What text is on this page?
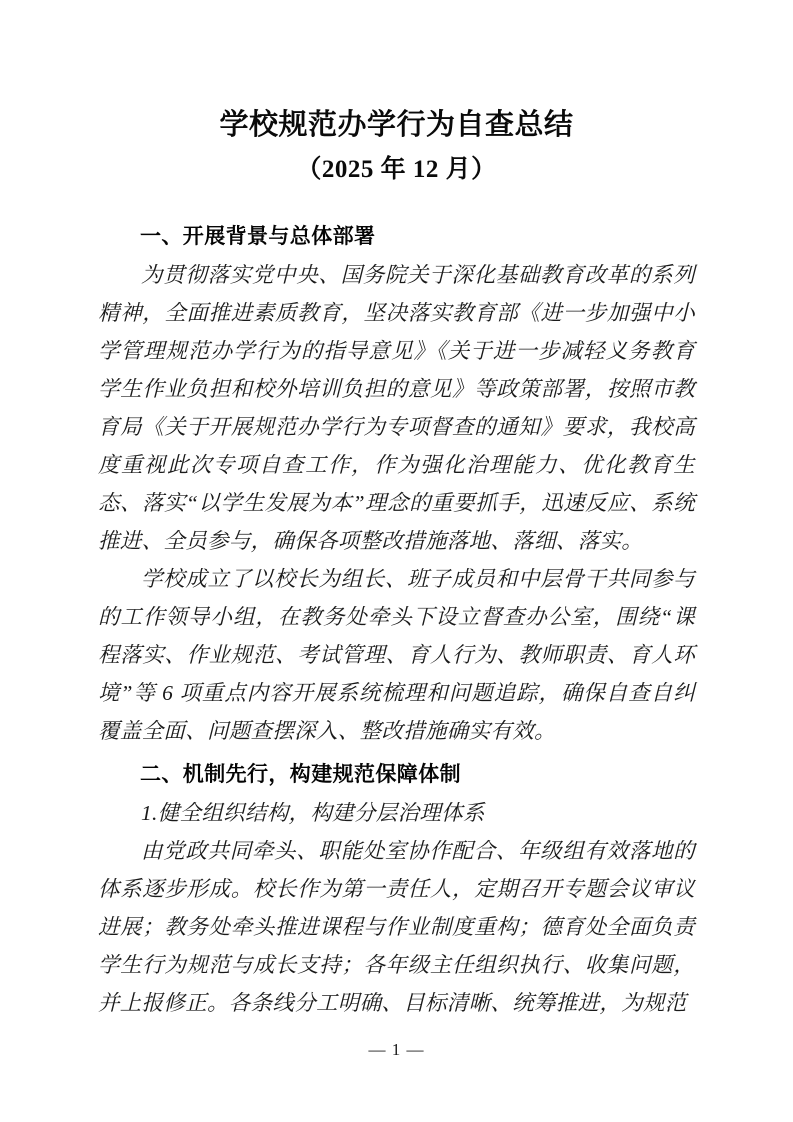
学校规范办学行为自查总结
（2025 年 12 月）
一、开展背景与总体部署

为贯彻落实党中央、国务院关于深化基础教育改革的系列精神，全面推进素质教育，坚决落实教育部《进一步加强中小学管理规范办学行为的指导意见》《关于进一步减轻义务教育学生作业负担和校外培训负担的意见》等政策部署，按照市教育局《关于开展规范办学行为专项督查的通知》要求，我校高度重视此次专项自查工作，作为强化治理能力、优化教育生态、落实“以学生发展为本”理念的重要抓手，迅速反应、系统推进、全员参与，确保各项整改措施落地、落细、落实。

学校成立了以校长为组长、班子成员和中层骨干共同参与的工作领导小组，在教务处牵头下设立督查办公室，围绕“课程落实、作业规范、考试管理、育人行为、教师职责、育人环境”等 6 项重点内容开展系统梳理和问题追踪，确保自查自纠覆盖全面、问题查摆深入、整改措施确实有效。

二、机制先行，构建规范保障体制

1.健全组织结构，构建分层治理体系

由党政共同牵头、职能处室协作配合、年级组有效落地的体系逐步形成。校长作为第一责任人，定期召开专题会议审议进展；教务处牵头推进课程与作业制度重构；德育处全面负责学生行为规范与成长支持；各年级主任组织执行、收集问题，并上报修正。各条线分工明确、目标清晰、统筹推进，为规范

— 1 —
